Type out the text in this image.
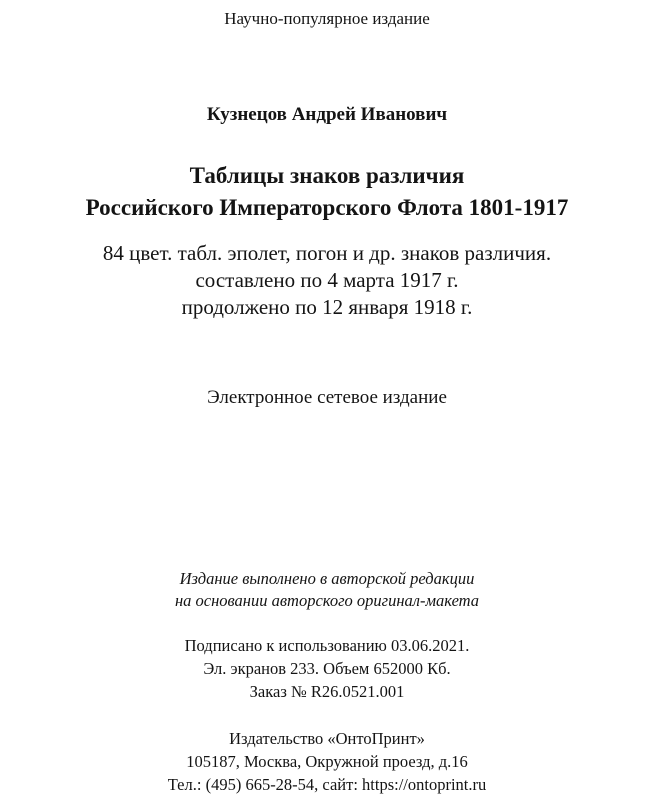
Научно-популярное издание
Кузнецов Андрей Иванович
Таблицы знаков различия
Российского Императорского Флота 1801-1917
84 цвет. табл. эполет, погон и др. знаков различия.
составлено по 4 марта 1917 г.
продолжено по 12 января 1918 г.
Электронное сетевое издание
Издание выполнено в авторской редакции
на основании авторского оригинал-макета
Подписано к использованию 03.06.2021.
Эл. экранов 233. Объем 652000 Кб.
Заказ № R26.0521.001
Издательство «ОнтоПринт»
105187, Москва, Окружной проезд, д.16
Тел.: (495) 665-28-54, сайт: https://ontoprint.ru
